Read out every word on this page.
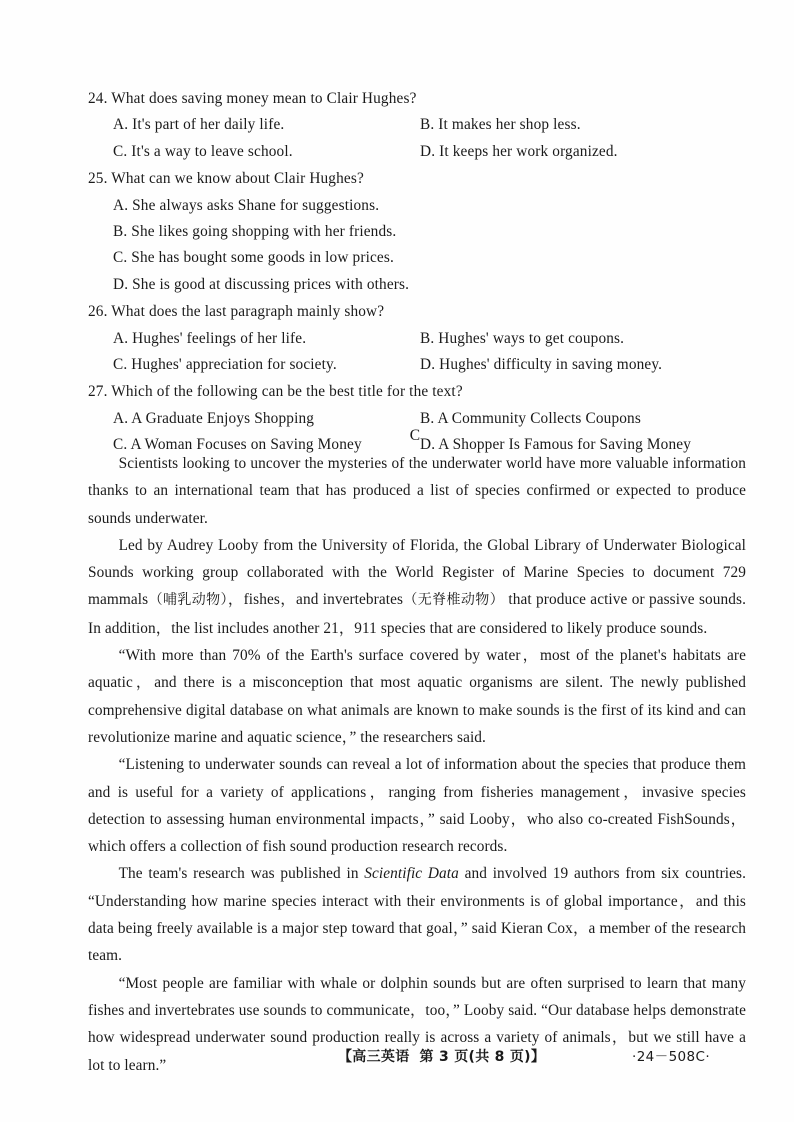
24. What does saving money mean to Clair Hughes?
A. It's part of her daily life.	B. It makes her shop less.
C. It's a way to leave school.	D. It keeps her work organized.
25. What can we know about Clair Hughes?
A. She always asks Shane for suggestions.
B. She likes going shopping with her friends.
C. She has bought some goods in low prices.
D. She is good at discussing prices with others.
26. What does the last paragraph mainly show?
A. Hughes' feelings of her life.	B. Hughes' ways to get coupons.
C. Hughes' appreciation for society.	D. Hughes' difficulty in saving money.
27. Which of the following can be the best title for the text?
A. A Graduate Enjoys Shopping	B. A Community Collects Coupons
C. A Woman Focuses on Saving Money	D. A Shopper Is Famous for Saving Money
C

Scientists looking to uncover the mysteries of the underwater world have more valuable information thanks to an international team that has produced a list of species confirmed or expected to produce sounds underwater.

Led by Audrey Looby from the University of Florida, the Global Library of Underwater Biological Sounds working group collaborated with the World Register of Marine Species to document 729 mammals（哺乳动物），fishes，and invertebrates（无脊椎动物） that produce active or passive sounds. In addition，the list includes another 21，911 species that are considered to likely produce sounds.

“With more than 70% of the Earth's surface covered by water，most of the planet's habitats are aquatic，and there is a misconception that most aquatic organisms are silent. The newly published comprehensive digital database on what animals are known to make sounds is the first of its kind and can revolutionize marine and aquatic science，” the researchers said.

“Listening to underwater sounds can reveal a lot of information about the species that produce them and is useful for a variety of applications，ranging from fisheries management，invasive species detection to assessing human environmental impacts，” said Looby，who also co-created FishSounds，which offers a collection of fish sound production research records.

The team's research was published in Scientific Data and involved 19 authors from six countries. “Understanding how marine species interact with their environments is of global importance，and this data being freely available is a major step toward that goal，” said Kieran Cox，a member of the research team.

“Most people are familiar with whale or dolphin sounds but are often surprised to learn that many fishes and invertebrates use sounds to communicate，too，” Looby said. “Our database helps demonstrate how widespread underwater sound production really is across a variety of animals，but we still have a lot to learn.”	【高三英语 第 3 页(共 8 页)】	·24－508C·
